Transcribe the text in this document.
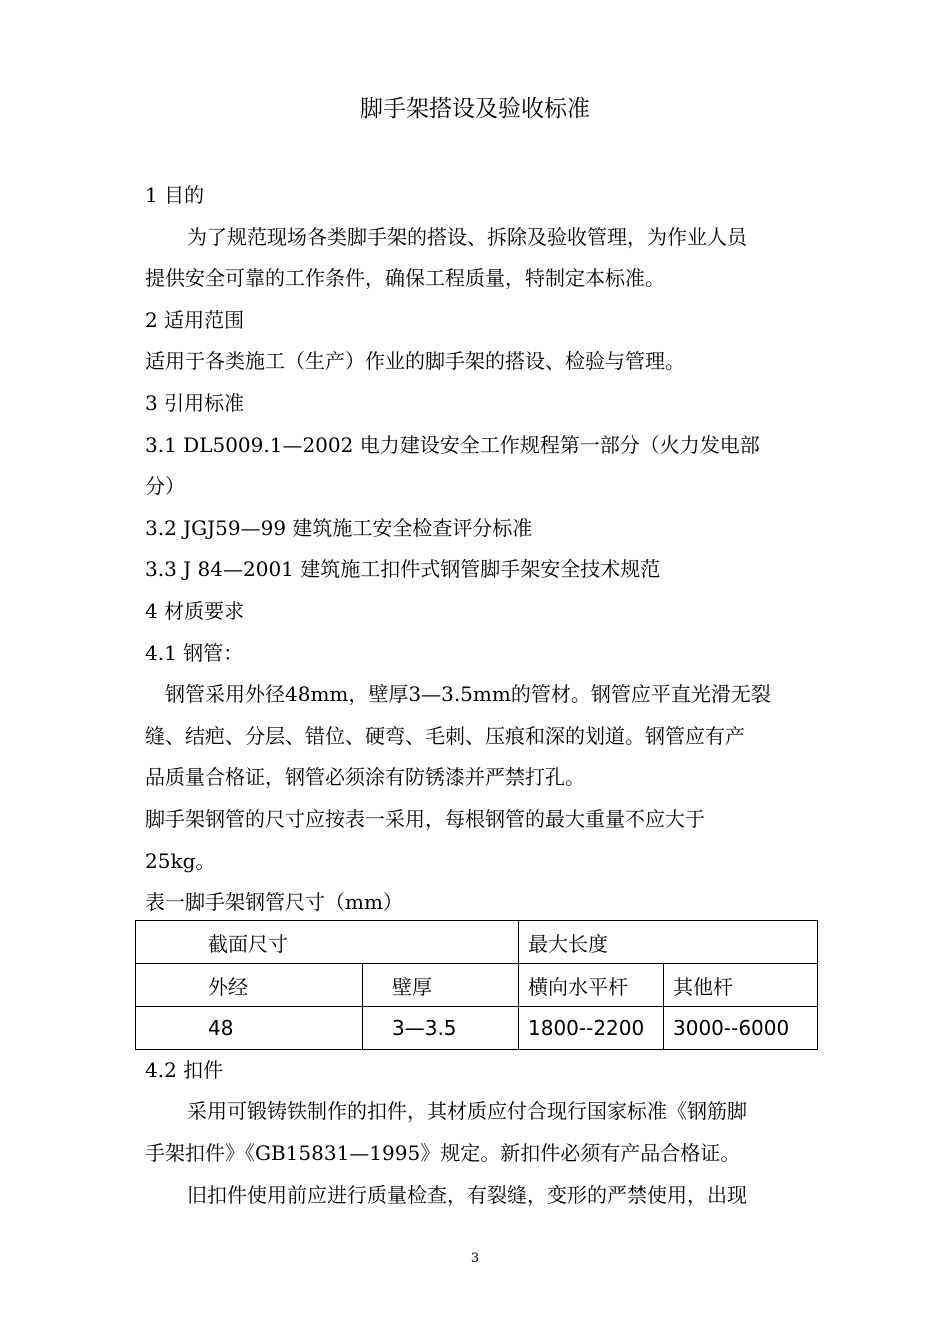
脚手架搭设及验收标准
1 目的
为了规范现场各类脚手架的搭设、拆除及验收管理，为作业人员
提供安全可靠的工作条件，确保工程质量，特制定本标准。
2 适用范围
适用于各类施工（生产）作业的脚手架的搭设、检验与管理。
3 引用标准
3.1 DL5009.1—2002 电力建设安全工作规程第一部分（火力发电部
分）
3.2 JGJ59—99 建筑施工安全检查评分标准
3.3 J 84—2001 建筑施工扣件式钢管脚手架安全技术规范
4 材质要求
4.1 钢管：
钢管采用外径48mm，壁厚3—3.5mm的管材。钢管应平直光滑无裂
缝、结疤、分层、错位、硬弯、毛刺、压痕和深的划道。钢管应有产
品质量合格证，钢管必须涂有防锈漆并严禁打孔。
脚手架钢管的尺寸应按表一采用，每根钢管的最大重量不应大于
25kg。
表一脚手架钢管尺寸（mm）
截面尺寸		最大长度	
外经	壁厚	横向水平杆	其他杆
48	3—3.5	1800--2200	3000--6000
4.2 扣件
采用可锻铸铁制作的扣件，其材质应付合现行国家标准《钢筋脚
手架扣件》《GB15831—1995》规定。新扣件必须有产品合格证。
旧扣件使用前应进行质量检查，有裂缝，变形的严禁使用，出现
3
